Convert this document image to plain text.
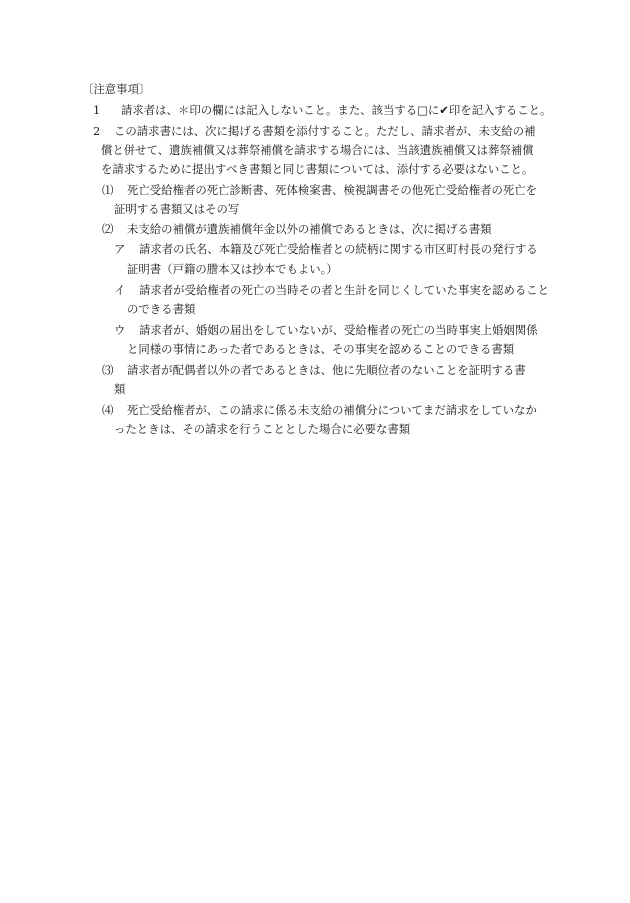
〔注意事項〕
1 請求者は、＊印の欄には記入しないこと。また、該当する□に✔印を記入すること。
2 この請求書には、次に掲げる書類を添付すること。ただし、請求者が、未支給の補
償と併せて、遺族補償又は葬祭補償を請求する場合には、当該遺族補償又は葬祭補償
を請求するために提出すべき書類と同じ書類については、添付する必要はないこと。
⑴ 死亡受給権者の死亡診断書、死体検案書、検視調書その他死亡受給権者の死亡を
証明する書類又はその写
⑵ 未支給の補償が遺族補償年金以外の補償であるときは、次に掲げる書類
ア 請求者の氏名、本籍及び死亡受給権者との続柄に関する市区町村長の発行する
証明書（戸籍の謄本又は抄本でもよい。）
イ 請求者が受給権者の死亡の当時その者と生計を同じくしていた事実を認めること
のできる書類
ウ 請求者が、婚姻の届出をしていないが、受給権者の死亡の当時事実上婚姻関係
と同様の事情にあった者であるときは、その事実を認めることのできる書類
⑶ 請求者が配偶者以外の者であるときは、他に先順位者のないことを証明する書
類
⑷ 死亡受給権者が、この請求に係る未支給の補償分についてまだ請求をしていなか
ったときは、その請求を行うこととした場合に必要な書類
